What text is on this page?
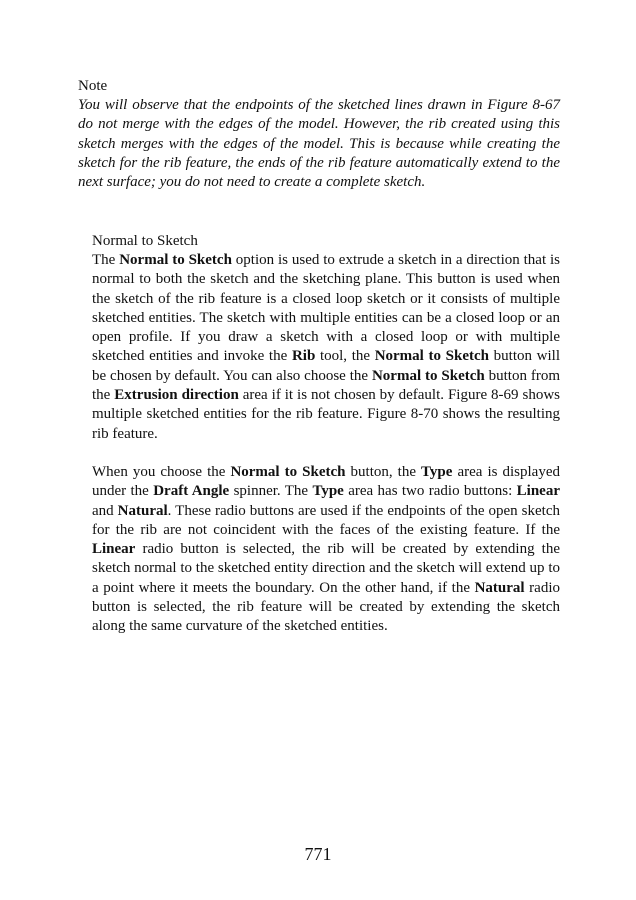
Note

You will observe that the endpoints of the sketched lines drawn in Figure 8-67 do not merge with the edges of the model. However, the rib created using this sketch merges with the edges of the model. This is because while creating the sketch for the rib feature, the ends of the rib feature automatically extend to the next surface; you do not need to create a complete sketch.

Normal to Sketch

The Normal to Sketch option is used to extrude a sketch in a direction that is normal to both the sketch and the sketching plane. This button is used when the sketch of the rib feature is a closed loop sketch or it consists of multiple sketched entities. The sketch with multiple entities can be a closed loop or an open profile. If you draw a sketch with a closed loop or with multiple sketched entities and invoke the Rib tool, the Normal to Sketch button will be chosen by default. You can also choose the Normal to Sketch button from the Extrusion direction area if it is not chosen by default. Figure 8-69 shows multiple sketched entities for the rib feature. Figure 8-70 shows the resulting rib feature.

When you choose the Normal to Sketch button, the Type area is displayed under the Draft Angle spinner. The Type area has two radio buttons: Linear and Natural. These radio buttons are used if the endpoints of the open sketch for the rib are not coincident with the faces of the existing feature. If the Linear radio button is selected, the rib will be created by extending the sketch normal to the sketched entity direction and the sketch will extend up to a point where it meets the boundary. On the other hand, if the Natural radio button is selected, the rib feature will be created by extending the sketch along the same curvature of the sketched entities.

771
